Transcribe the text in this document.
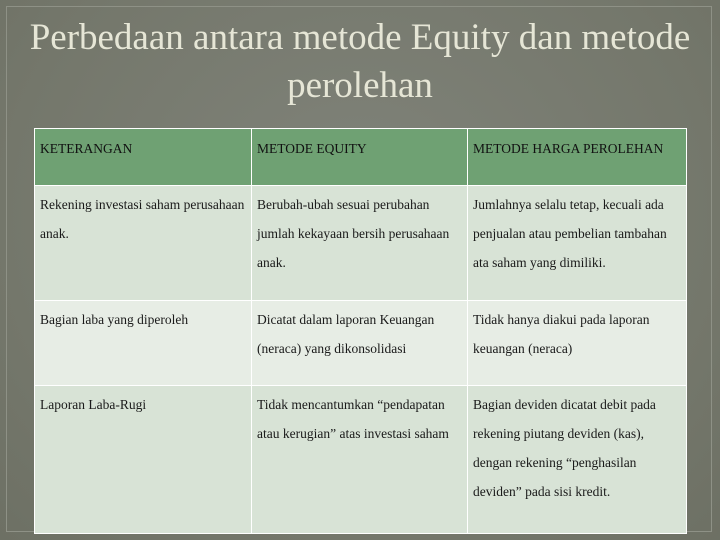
Perbedaan antara metode Equity dan metode perolehan
KETERANGAN	METODE EQUITY	METODE HARGA PEROLEHAN
Rekening investasi saham perusahaan anak.	Berubah-ubah sesuai perubahan jumlah kekayaan bersih perusahaan anak.	Jumlahnya selalu tetap, kecuali ada penjualan atau pembelian tambahan ata saham yang dimiliki.
Bagian laba yang diperoleh	Dicatat dalam laporan Keuangan (neraca) yang dikonsolidasi	Tidak hanya diakui pada laporan keuangan (neraca)
Laporan Laba-Rugi	Tidak mencantumkan “pendapatan atau kerugian” atas investasi saham	Bagian deviden dicatat debit pada rekening piutang deviden (kas), dengan rekening “penghasilan deviden” pada sisi kredit.
